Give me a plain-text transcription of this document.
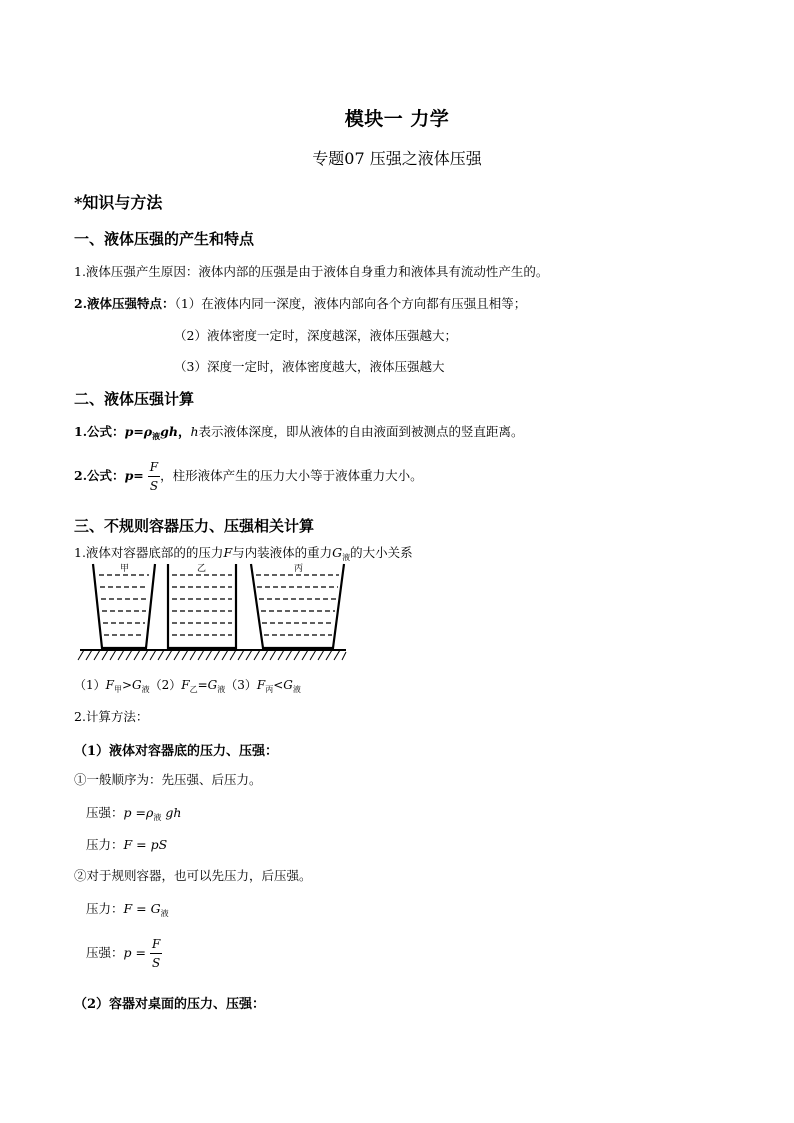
模块一 力学
专题07 压强之液体压强
*知识与方法
一、液体压强的产生和特点
1.液体压强产生原因：液体内部的压强是由于液体自身重力和液体具有流动性产生的。
2.液体压强特点：（1）在液体内同一深度，液体内部向各个方向都有压强且相等；
（2）液体密度一定时，深度越深，液体压强越大；
（3）深度一定时，液体密度越大，液体压强越大
二、液体压强计算
1.公式：$p=\rho_液gh$，h表示液体深度，即从液体的自由液面到被测点的竖直距离。
2.公式：$p= \frac{F}{S}$ ，柱形液体产生的压力大小等于液体重力大小。
三、不规则容器压力、压强相关计算
1.液体对容器底部的的压力F与内装液体的重力$G_液$的大小关系
甲	乙	丙
$(1)F_甲>G_液(2)F_乙=G_液(3)F_丙<G_液$
2.计算方法：
（1）液体对容器底的压力、压强：
①一般顺序为：先压强、后压力。
压强：$p =\rho_液$ gh
压力：F = pS
②对于规则容器，也可以先压力，后压强。
压力：$F = G_液$
压强：$p = \frac{F}{S}$
（2）容器对桌面的压力、压强：
